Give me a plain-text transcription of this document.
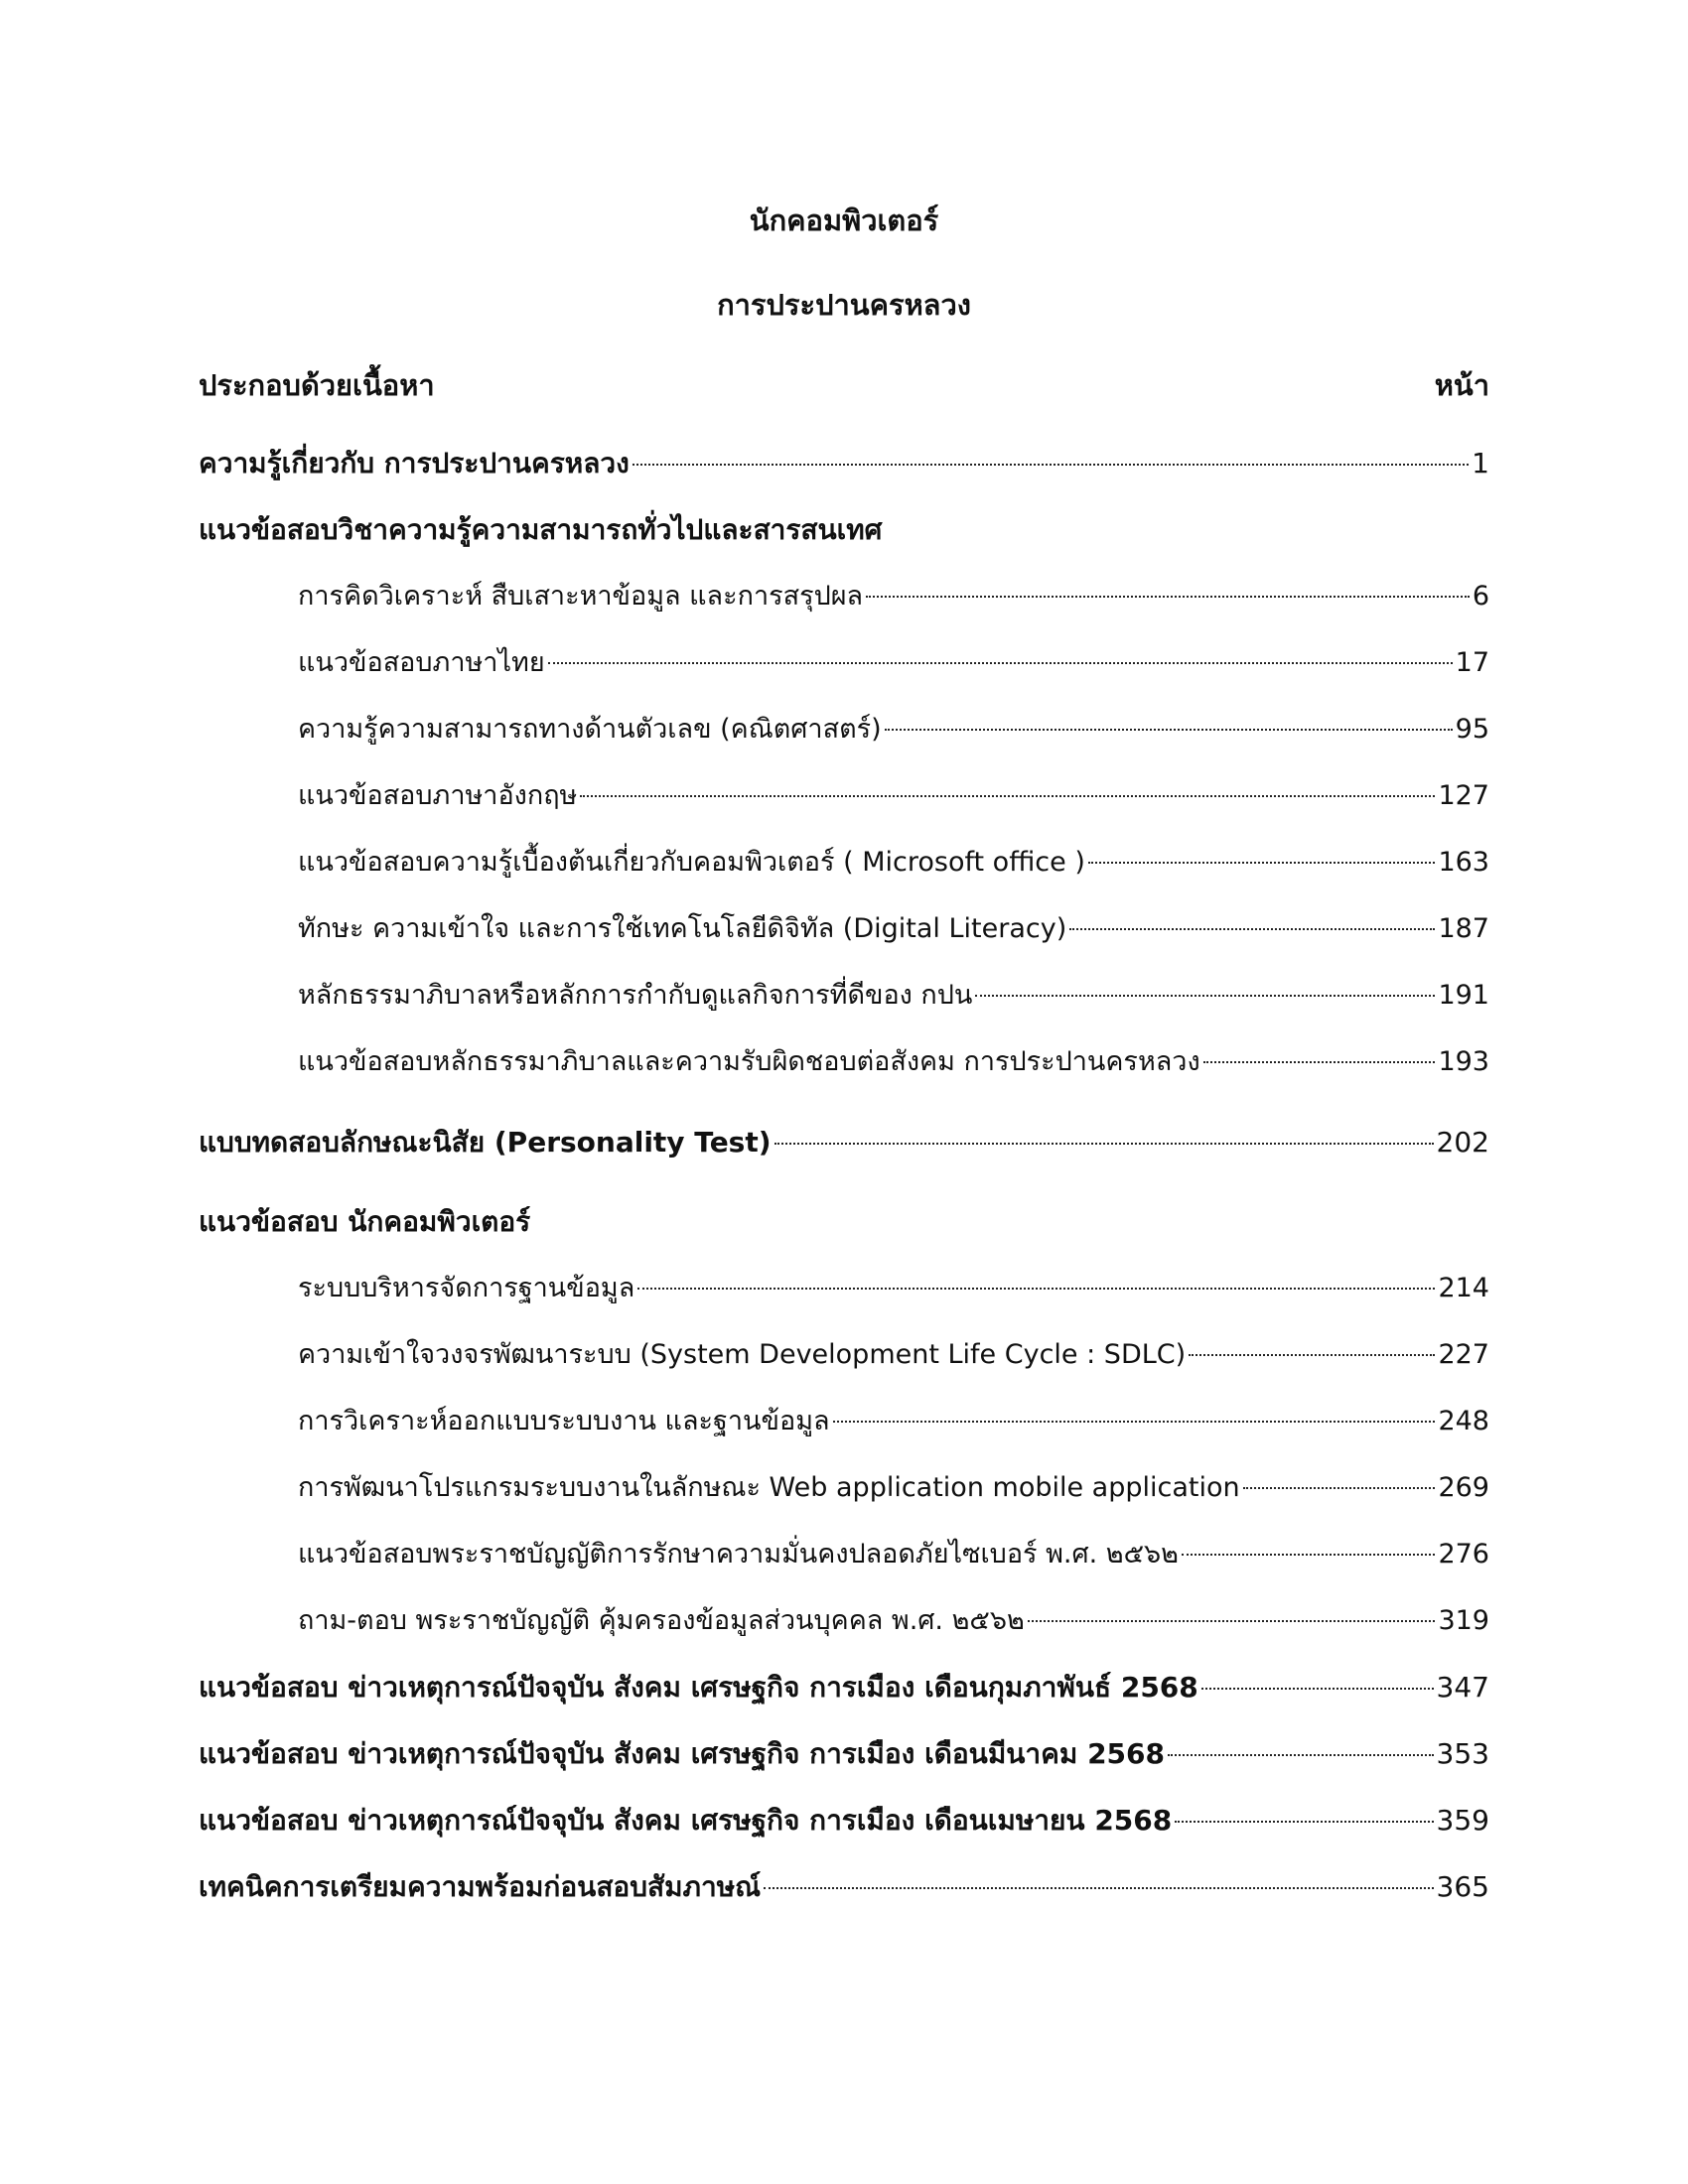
นักคอมพิวเตอร์
การประปานครหลวง
ประกอบด้วยเนื้อหา	หน้า
ความรู้เกี่ยวกับ การประปานครหลวง	1
แนวข้อสอบวิชาความรู้ความสามารถทั่วไปและสารสนเทศ
การคิดวิเคราะห์ สืบเสาะหาข้อมูล และการสรุปผล	6
แนวข้อสอบภาษาไทย	17
ความรู้ความสามารถทางด้านตัวเลข (คณิตศาสตร์)	95
แนวข้อสอบภาษาอังกฤษ	127
แนวข้อสอบความรู้เบื้องต้นเกี่ยวกับคอมพิวเตอร์ ( Microsoft office )	163
ทักษะ ความเข้าใจ และการใช้เทคโนโลยีดิจิทัล (Digital Literacy)	187
หลักธรรมาภิบาลหรือหลักการกำกับดูแลกิจการที่ดีของ กปน	191
แนวข้อสอบหลักธรรมาภิบาลและความรับผิดชอบต่อสังคม การประปานครหลวง	193
แบบทดสอบลักษณะนิสัย (Personality Test)	202
แนวข้อสอบ นักคอมพิวเตอร์
ระบบบริหารจัดการฐานข้อมูล	214
ความเข้าใจวงจรพัฒนาระบบ (System Development Life Cycle : SDLC)	227
การวิเคราะห์ออกแบบระบบงาน และฐานข้อมูล	248
การพัฒนาโปรแกรมระบบงานในลักษณะ Web application mobile application	269
แนวข้อสอบพระราชบัญญัติการรักษาความมั่นคงปลอดภัยไซเบอร์ พ.ศ. ๒๕๖๒	276
ถาม-ตอบ พระราชบัญญัติ คุ้มครองข้อมูลส่วนบุคคล พ.ศ. ๒๕๖๒	319
แนวข้อสอบ ข่าวเหตุการณ์ปัจจุบัน สังคม เศรษฐกิจ การเมือง เดือนกุมภาพันธ์ 2568	347
แนวข้อสอบ ข่าวเหตุการณ์ปัจจุบัน สังคม เศรษฐกิจ การเมือง เดือนมีนาคม 2568	353
แนวข้อสอบ ข่าวเหตุการณ์ปัจจุบัน สังคม เศรษฐกิจ การเมือง เดือนเมษายน 2568	359
เทคนิคการเตรียมความพร้อมก่อนสอบสัมภาษณ์	365
